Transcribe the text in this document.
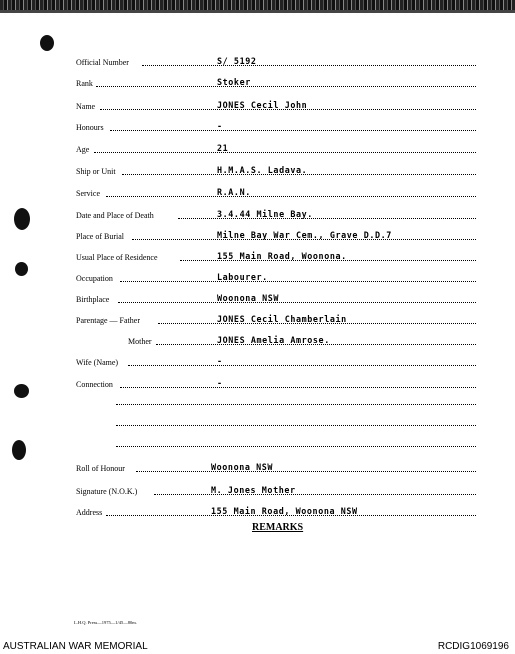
Official Number	S/ 5192
Rank	Stoker
Name	JONES Cecil John
Honours	-
Age	21
Ship or Unit	H.M.A.S. Ladava.
Service	R.A.N.
Date and Place of Death	3.4.44 Milne Bay.
Place of Burial	Milne Bay War Cem., Grave D.D.7
Usual Place of Residence	155 Main Road, Woonona.
Occupation	Labourer.
Birthplace	Woonona NSW
Parentage — Father	JONES Cecil Chamberlain
Mother	JONES Amelia Amrose.
Wife (Name)	-
Connection	-
Roll of Honour	Woonona NSW
Signature (N.O.K.)	M. Jones Mother
Address	155 Main Road, Woonona NSW
REMARKS
L.H.Q. Press—1975—1/45—80m.
AUSTRALIAN WAR MEMORIAL	RCDIG1069196
